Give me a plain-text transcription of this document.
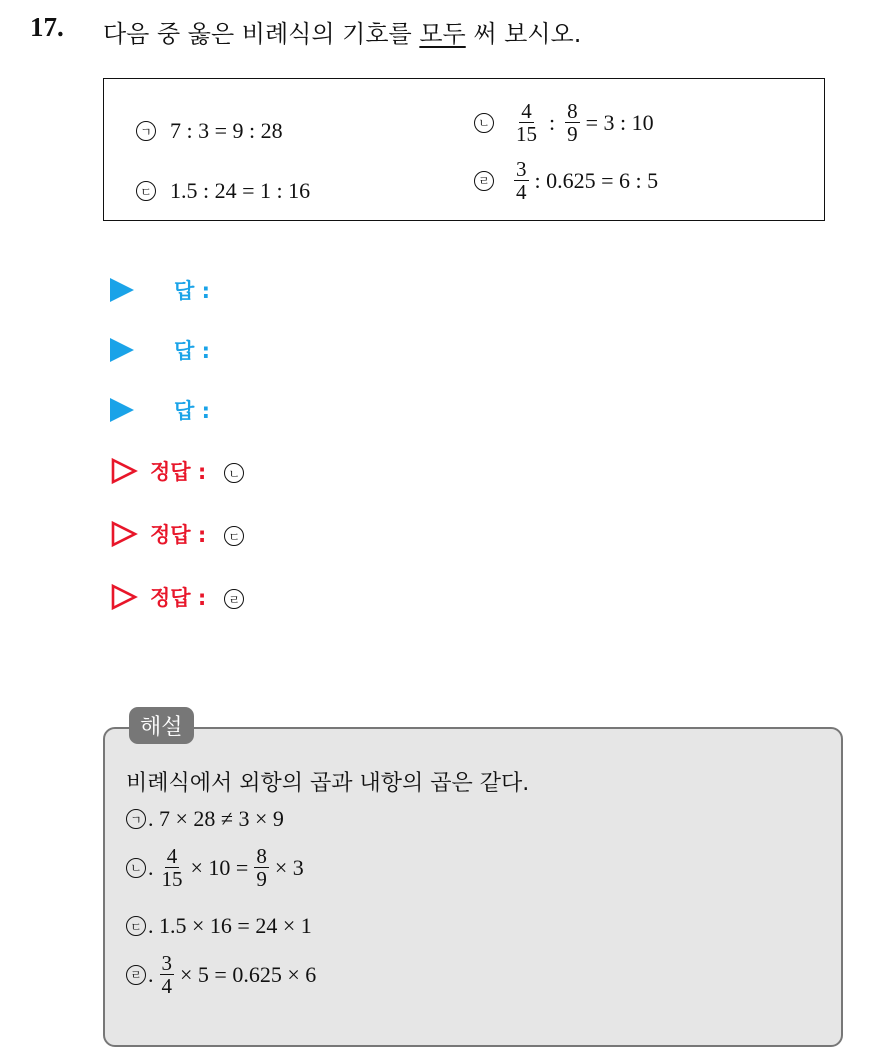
17. 다음 중 옳은 비례식의 기호를 모두 써 보시오.
ㄱ 7 : 3 = 9 : 28	ㄴ $\frac{4}{15}$ : $\frac{8}{9} = 3$ : 10
ㄷ 1.5 : 24 = 1 : 16	ㄹ $\frac{3}{4}$ : 0.625 = 6 : 5
답 :
답 :
답 :
정답 :	ㄴ
정답 :	ㄷ
정답 :	ㄹ
해설
비례식에서 외항의 곱과 내항의 곱은 같다.
ㄱ . 7 × 28 ≠ 3 × 9
ㄴ . $\frac{4}{15} \times 10 = \frac{8}{9} \times 3$
ㄷ . 1.5 × 16 = 24 × 1
ㄹ . $\frac{3}{4} \times 5 = 0.625 \times 6$
